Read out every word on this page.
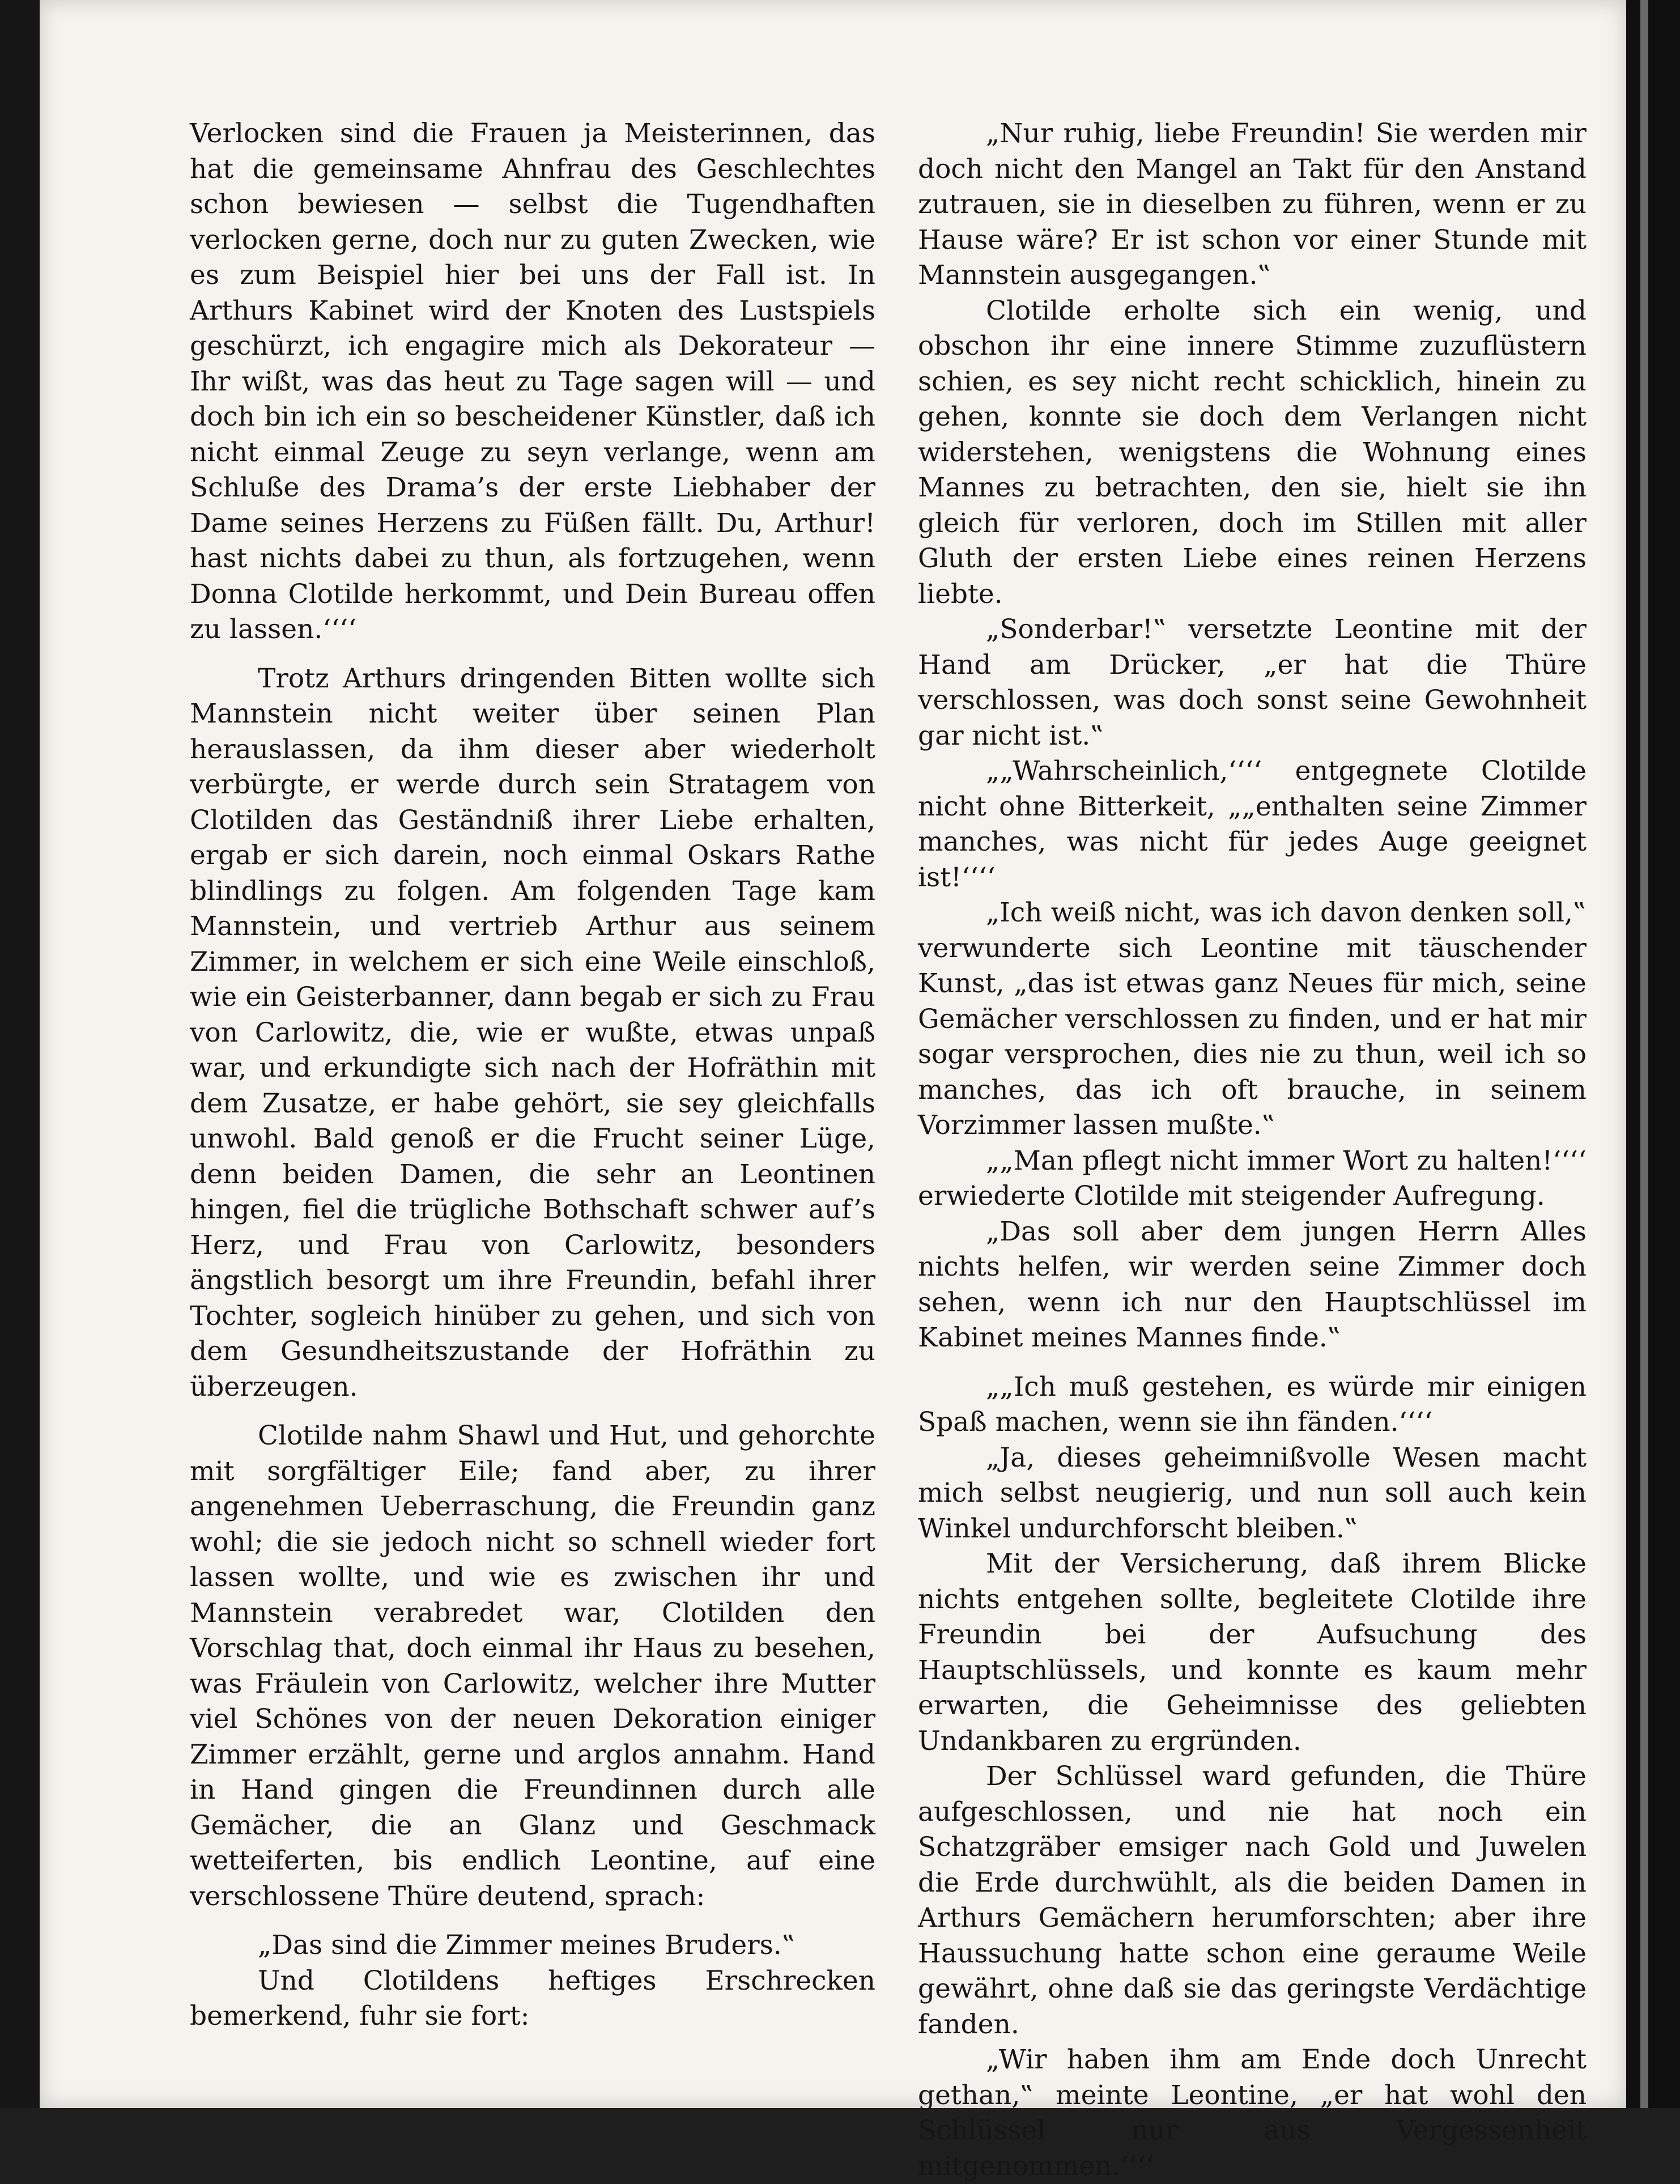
Verlocken sind die Frauen ja Meisterinnen, das hat die gemeinsame Ahnfrau des Geschlechtes schon bewiesen — selbst die Tugendhaften verlocken gerne, doch nur zu guten Zwecken, wie es zum Beispiel hier bei uns der Fall ist. In Arthurs Kabinet wird der Knoten des Lustspiels geschürzt, ich engagire mich als Dekorateur — Ihr wißt, was das heut zu Tage sagen will — und doch bin ich ein so bescheidener Künstler, daß ich nicht einmal Zeuge zu seyn verlange, wenn am Schluße des Drama’s der erste Liebhaber der Dame seines Herzens zu Füßen fällt. Du, Arthur! hast nichts dabei zu thun, als fortzugehen, wenn Donna Clotilde herkommt, und Dein Bureau offen zu lassen.‘‘‘‘

Trotz Arthurs dringenden Bitten wollte sich Mannstein nicht weiter über seinen Plan herauslassen, da ihm dieser aber wiederholt verbürgte, er werde durch sein Stratagem von Clotilden das Geständniß ihrer Liebe erhalten, ergab er sich darein, noch einmal Oskars Rathe blindlings zu folgen. Am folgenden Tage kam Mannstein, und vertrieb Arthur aus seinem Zimmer, in welchem er sich eine Weile einschloß, wie ein Geisterbanner, dann begab er sich zu Frau von Carlowitz, die, wie er wußte, etwas unpaß war, und erkundigte sich nach der Hofräthin mit dem Zusatze, er habe gehört, sie sey gleichfalls unwohl. Bald genoß er die Frucht seiner Lüge, denn beiden Damen, die sehr an Leontinen hingen, fiel die trügliche Bothschaft schwer auf’s Herz, und Frau von Carlowitz, besonders ängstlich besorgt um ihre Freundin, befahl ihrer Tochter, sogleich hinüber zu gehen, und sich von dem Gesundheitszustande der Hofräthin zu überzeugen.

Clotilde nahm Shawl und Hut, und gehorchte mit sorgfältiger Eile; fand aber, zu ihrer angenehmen Ueberraschung, die Freundin ganz wohl; die sie jedoch nicht so schnell wieder fort lassen wollte, und wie es zwischen ihr und Mannstein verabredet war, Clotilden den Vorschlag that, doch einmal ihr Haus zu besehen, was Fräulein von Carlowitz, welcher ihre Mutter viel Schönes von der neuen Dekoration einiger Zimmer erzählt, gerne und arglos annahm. Hand in Hand gingen die Freundinnen durch alle Gemächer, die an Glanz und Geschmack wetteiferten, bis endlich Leontine, auf eine verschlossene Thüre deutend, sprach:

„Das sind die Zimmer meines Bruders.‟

Und Clotildens heftiges Erschrecken bemerkend, fuhr sie fort:

„Nur ruhig, liebe Freundin! Sie werden mir doch nicht den Mangel an Takt für den Anstand zutrauen, sie in dieselben zu führen, wenn er zu Hause wäre? Er ist schon vor einer Stunde mit Mannstein ausgegangen.‟

Clotilde erholte sich ein wenig, und obschon ihr eine innere Stimme zuzuflüstern schien, es sey nicht recht schicklich, hinein zu gehen, konnte sie doch dem Verlangen nicht widerstehen, wenigstens die Wohnung eines Mannes zu betrachten, den sie, hielt sie ihn gleich für verloren, doch im Stillen mit aller Gluth der ersten Liebe eines reinen Herzens liebte.

„Sonderbar!‟ versetzte Leontine mit der Hand am Drücker, „er hat die Thüre verschlossen, was doch sonst seine Gewohnheit gar nicht ist.‟

„„Wahrscheinlich,‘‘‘‘ entgegnete Clotilde nicht ohne Bitterkeit, „„enthalten seine Zimmer manches, was nicht für jedes Auge geeignet ist!‘‘‘‘

„Ich weiß nicht, was ich davon denken soll,‟ verwunderte sich Leontine mit täuschender Kunst, „das ist etwas ganz Neues für mich, seine Gemächer verschlossen zu finden, und er hat mir sogar versprochen, dies nie zu thun, weil ich so manches, das ich oft brauche, in seinem Vorzimmer lassen mußte.‟

„„Man pflegt nicht immer Wort zu halten!‘‘‘‘ erwiederte Clotilde mit steigender Aufregung.

„Das soll aber dem jungen Herrn Alles nichts helfen, wir werden seine Zimmer doch sehen, wenn ich nur den Hauptschlüssel im Kabinet meines Mannes finde.‟

„„Ich muß gestehen, es würde mir einigen Spaß machen, wenn sie ihn fänden.‘‘‘‘

„Ja, dieses geheimnißvolle Wesen macht mich selbst neugierig, und nun soll auch kein Winkel undurchforscht bleiben.‟

Mit der Versicherung, daß ihrem Blicke nichts entgehen sollte, begleitete Clotilde ihre Freundin bei der Aufsuchung des Hauptschlüssels, und konnte es kaum mehr erwarten, die Geheimnisse des geliebten Undankbaren zu ergründen.

Der Schlüssel ward gefunden, die Thüre aufgeschlossen, und nie hat noch ein Schatzgräber emsiger nach Gold und Juwelen die Erde durchwühlt, als die beiden Damen in Arthurs Gemächern herumforschten; aber ihre Haussuchung hatte schon eine geraume Weile gewährt, ohne daß sie das geringste Verdächtige fanden.

„Wir haben ihm am Ende doch Unrecht gethan,‟ meinte Leontine, „er hat wohl den Schlüssel nur aus Vergessenheit mitgenommen.‘‘‘‘
